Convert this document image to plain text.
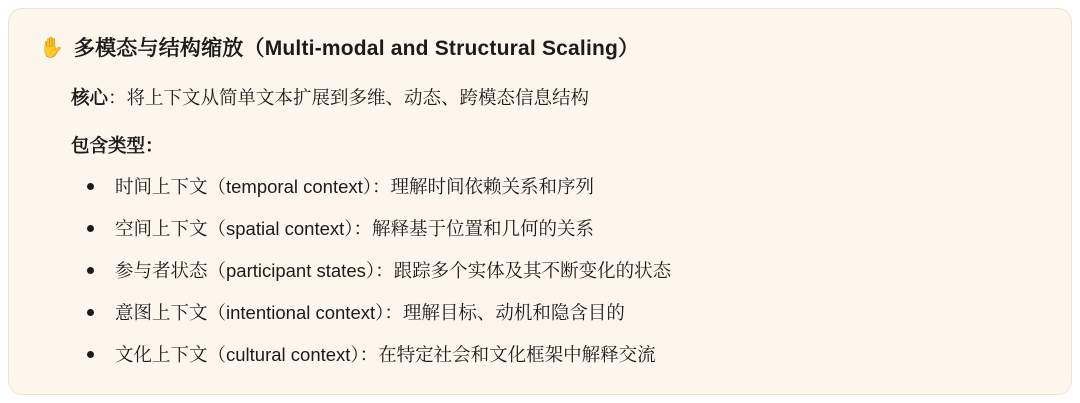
✋ 多模态与结构缩放（Multi-modal and Structural Scaling）
核心：将上下文从简单文本扩展到多维、动态、跨模态信息结构
包含类型：
时间上下文（temporal context）：理解时间依赖关系和序列
空间上下文（spatial context）：解释基于位置和几何的关系
参与者状态（participant states）：跟踪多个实体及其不断变化的状态
意图上下文（intentional context）：理解目标、动机和隐含目的
文化上下文（cultural context）：在特定社会和文化框架中解释交流
